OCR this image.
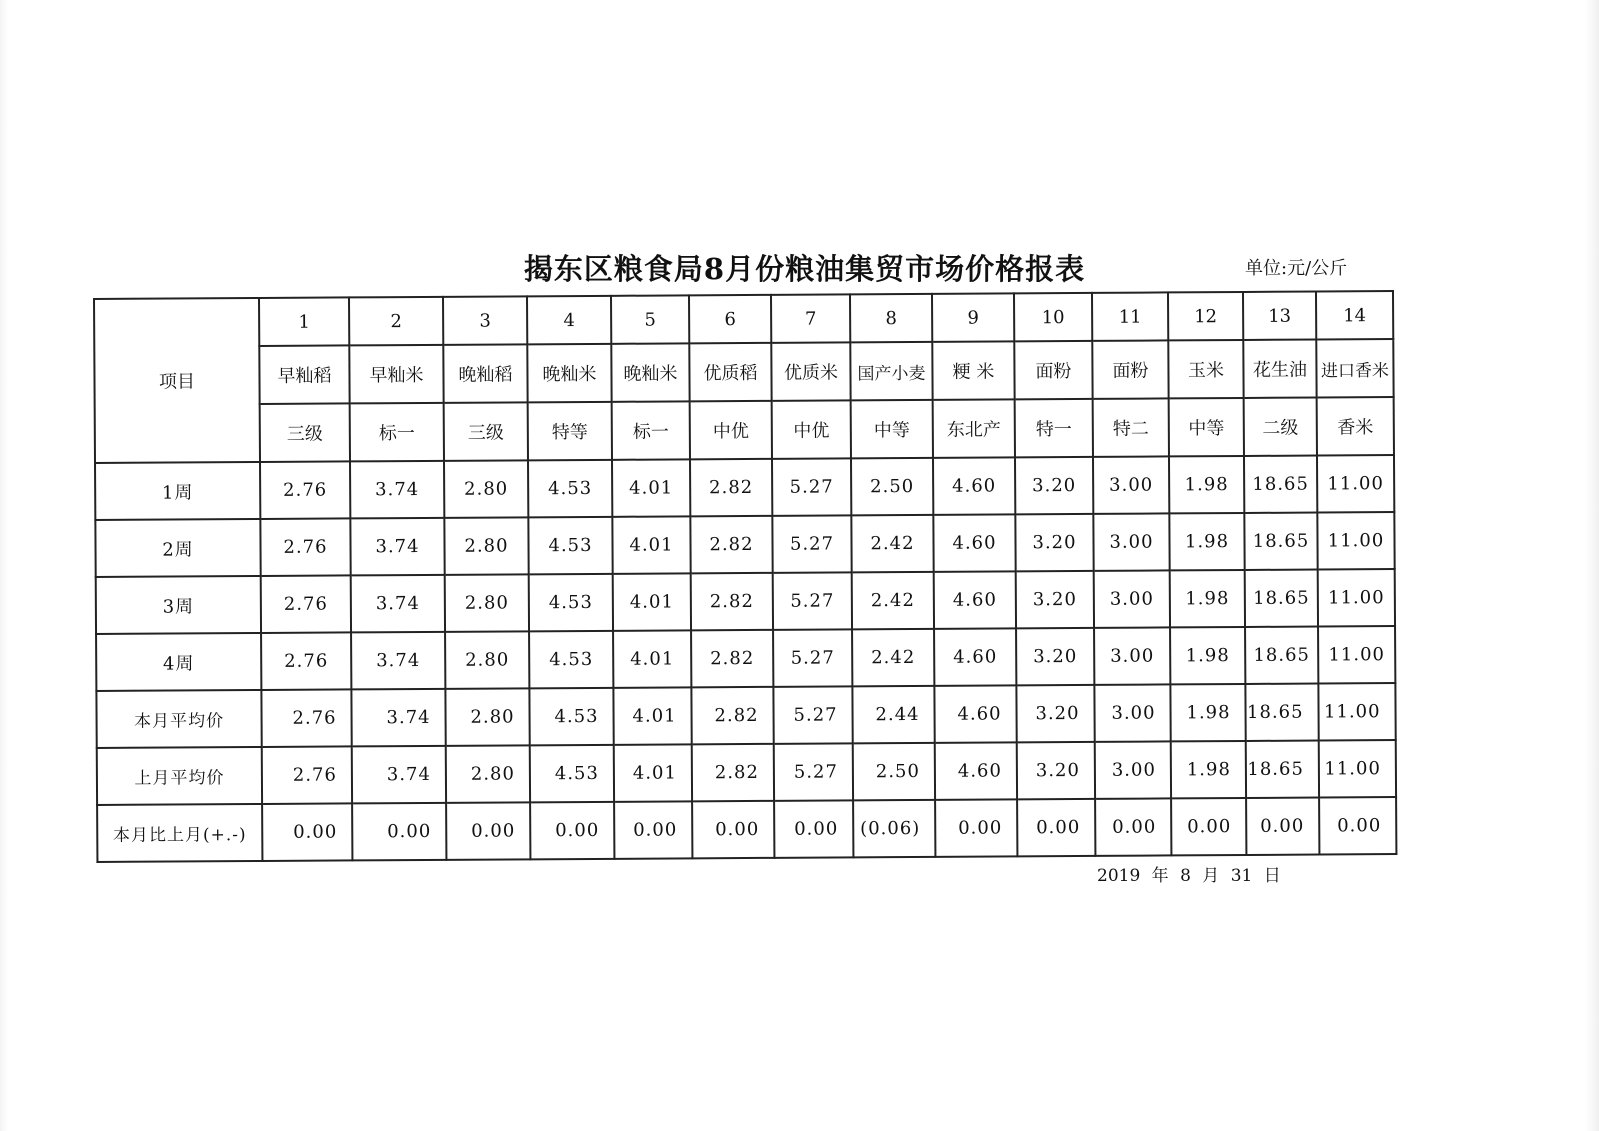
揭东区粮食局8月份粮油集贸市场价格报表	单位:元/公斤
项目	1	2	3	4	5	6	7	8	9	10	11	12	13	14
	早籼稻	早籼米	晚籼稻	晚籼米	晚籼米	优质稻	优质米	国产小麦	粳 米	面粉	面粉	玉米	花生油	进口香米
	三级	标一	三级	特等	标一	中优	中优	中等	东北产	特一	特二	中等	二级	香米
1周	2.76	3.74	2.80	4.53	4.01	2.82	5.27	2.50	4.60	3.20	3.00	1.98	18.65	11.00
2周	2.76	3.74	2.80	4.53	4.01	2.82	5.27	2.42	4.60	3.20	3.00	1.98	18.65	11.00
3周	2.76	3.74	2.80	4.53	4.01	2.82	5.27	2.42	4.60	3.20	3.00	1.98	18.65	11.00
4周	2.76	3.74	2.80	4.53	4.01	2.82	5.27	2.42	4.60	3.20	3.00	1.98	18.65	11.00
本月平均价	2.76	3.74	2.80	4.53	4.01	2.82	5.27	2.44	4.60	3.20	3.00	1.98	18.65	11.00
上月平均价	2.76	3.74	2.80	4.53	4.01	2.82	5.27	2.50	4.60	3.20	3.00	1.98	18.65	11.00
本月比上月(+.-)	0.00	0.00	0.00	0.00	0.00	0.00	0.00	(0.06)	0.00	0.00	0.00	0.00	0.00	0.00
2019 年 8 月 31 日
